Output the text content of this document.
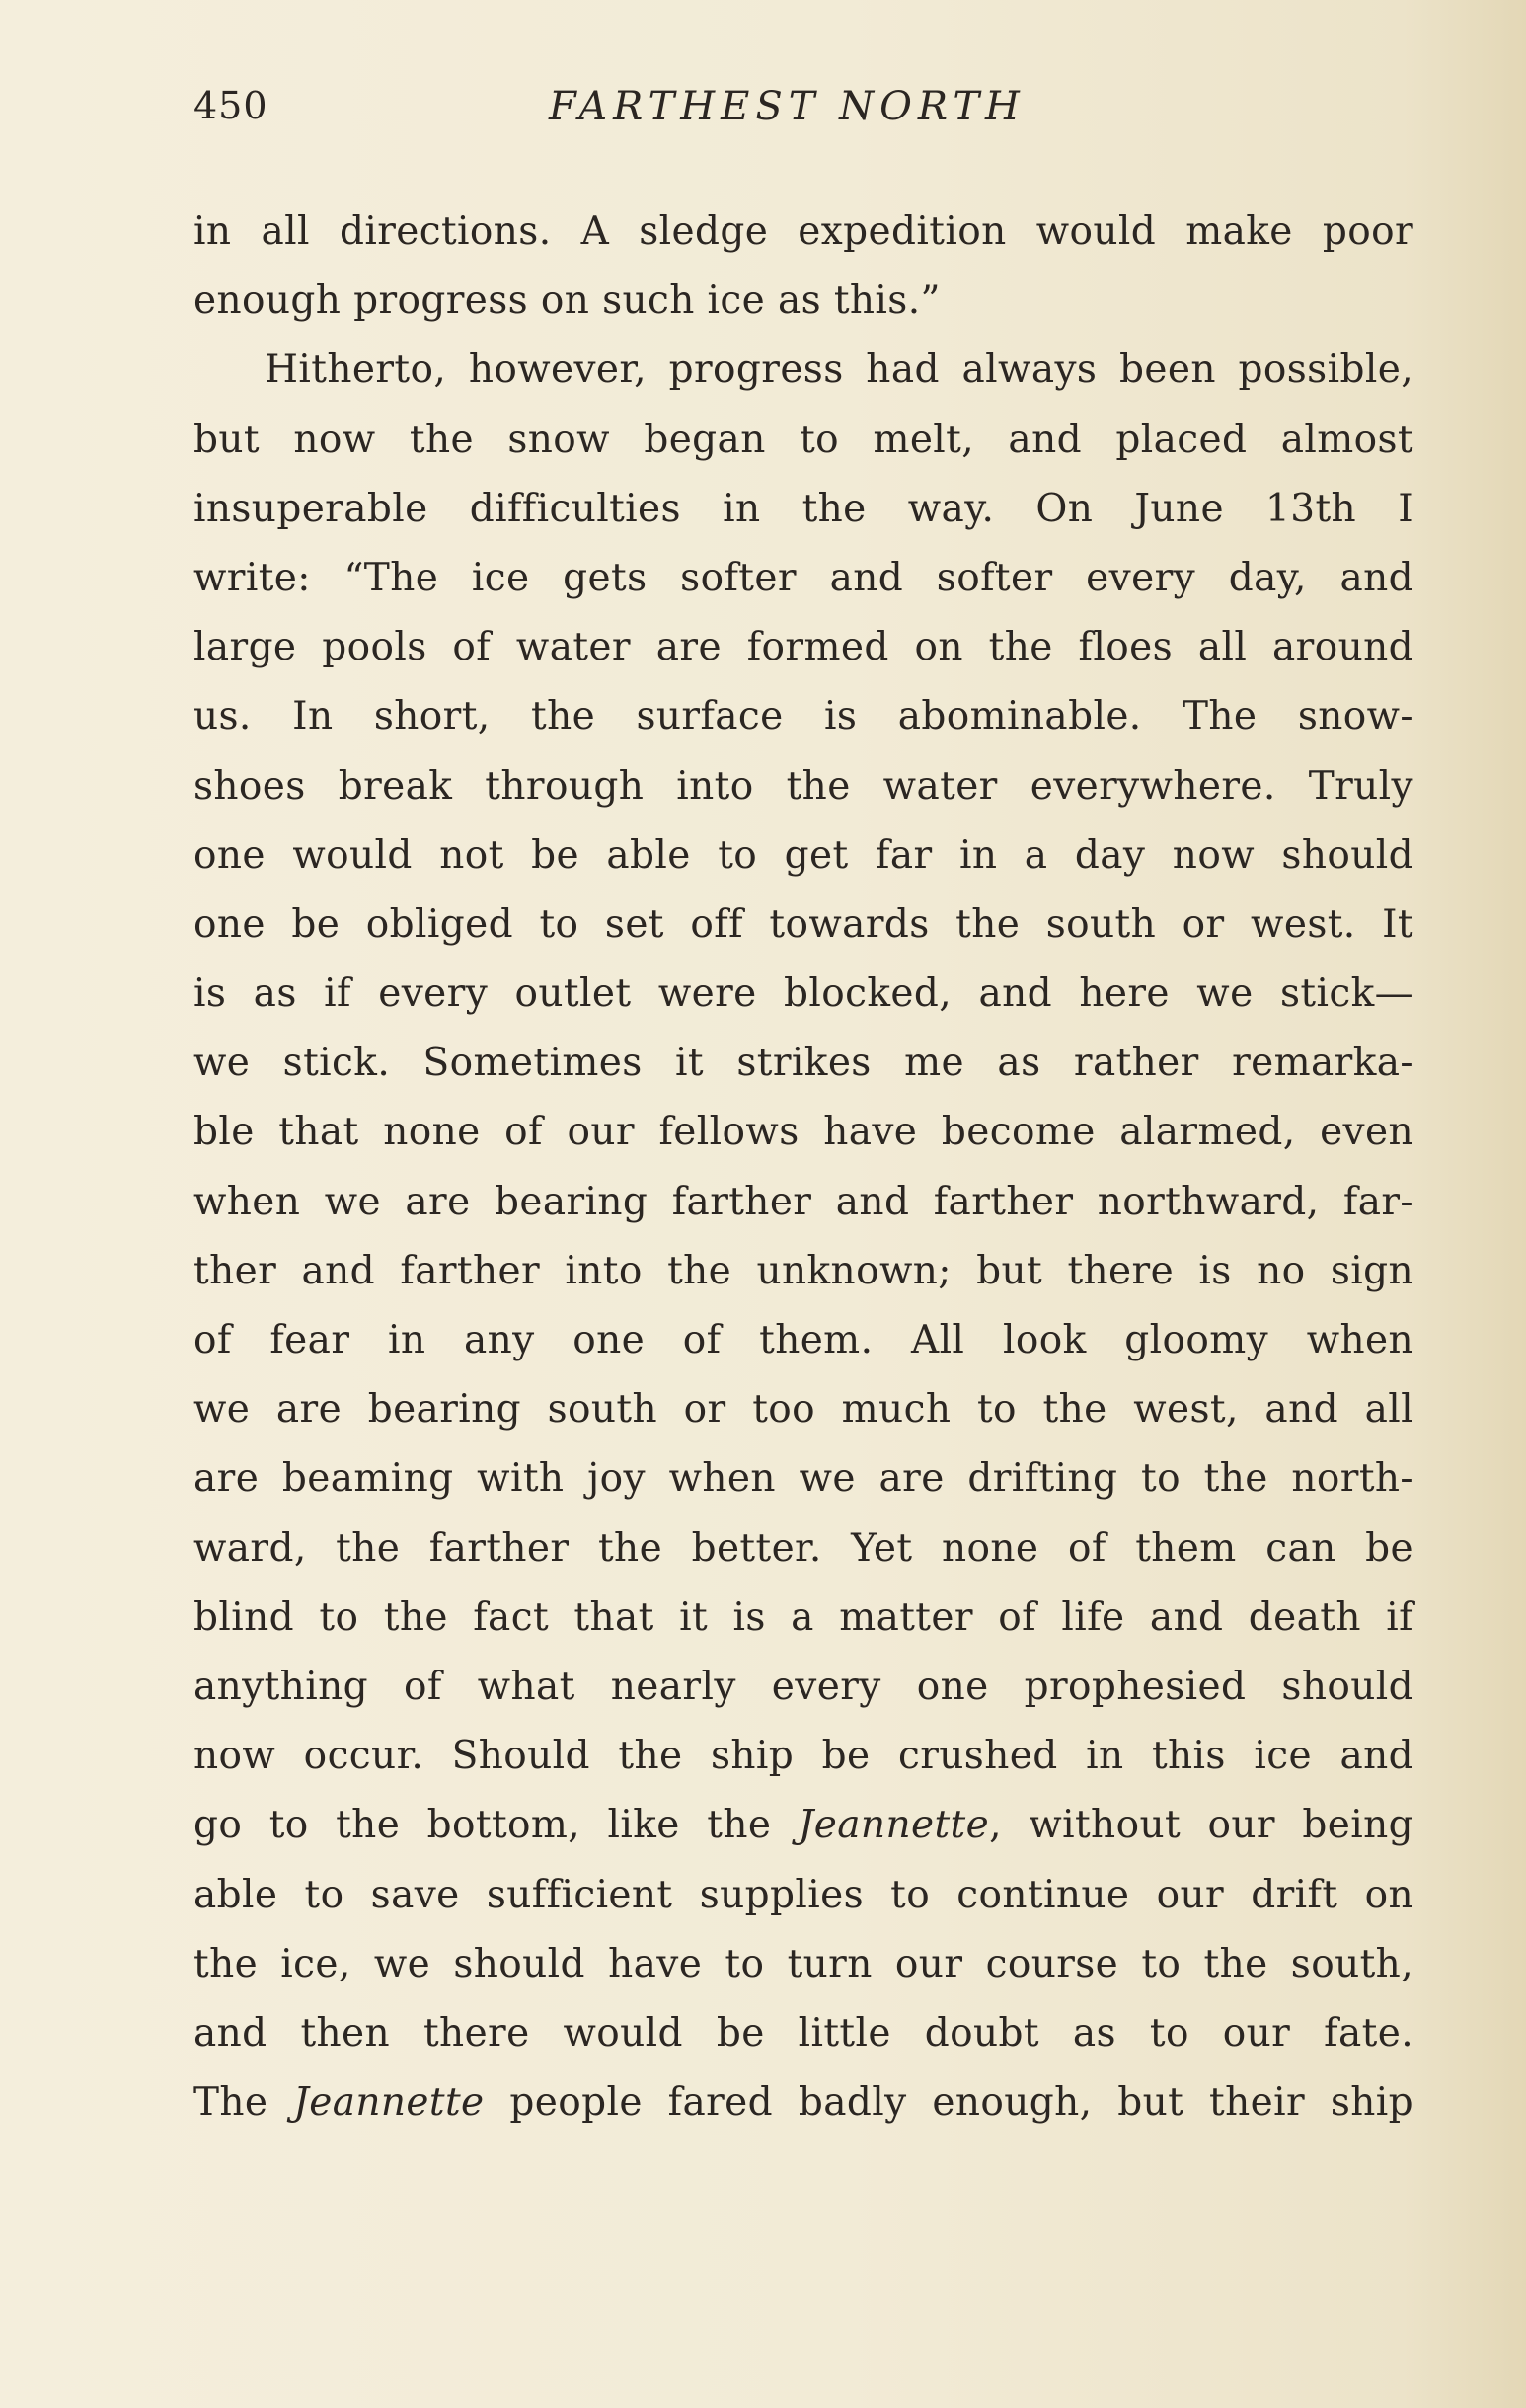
450	FARTHEST NORTH
in all directions. A sledge expedition would make poor
enough progress on such ice as this.”
Hitherto, however, progress had always been possible,
but now the snow began to melt, and placed almost
insuperable difficulties in the way. On June 13th I
write: “The ice gets softer and softer every day, and
large pools of water are formed on the floes all around
us. In short, the surface is abominable. The snow-
shoes break through into the water everywhere. Truly
one would not be able to get far in a day now should
one be obliged to set off towards the south or west. It
is as if every outlet were blocked, and here we stick—
we stick. Sometimes it strikes me as rather remarka-
ble that none of our fellows have become alarmed, even
when we are bearing farther and farther northward, far-
ther and farther into the unknown; but there is no sign
of fear in any one of them. All look gloomy when
we are bearing south or too much to the west, and all
are beaming with joy when we are drifting to the north-
ward, the farther the better. Yet none of them can be
blind to the fact that it is a matter of life and death if
anything of what nearly every one prophesied should
now occur. Should the ship be crushed in this ice and
go to the bottom, like the Jeannette, without our being
able to save sufficient supplies to continue our drift on
the ice, we should have to turn our course to the south,
and then there would be little doubt as to our fate.
The Jeannette people fared badly enough, but their ship
